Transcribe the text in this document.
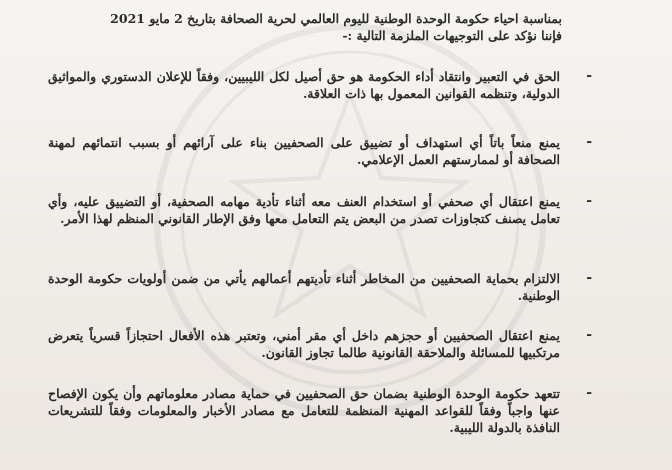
بمناسبة احياء حكومة الوحدة الوطنية لليوم العالمي لحرية الصحافة بتاريخ 2 مايو 2021

فإننا نؤكد على التوجيهات الملزمة التالية :-

-

الحق في التعبير وانتقاد أداء الحكومة هو حق أصيل لكل الليبيين، وفقاً للإعلان الدستوري والمواثيق الدولية، وتنظمه القوانين المعمول بها ذات العلاقة.

-

يمنع منعاً باتاً أي استهداف أو تضييق على الصحفيين بناء على آرائهم أو بسبب انتمائهم لمهنة الصحافة أو لممارستهم العمل الإعلامي.

-

يمنع اعتقال أي صحفي أو استخدام العنف معه أثناء تأدية مهامه الصحفية، أو التضييق عليه، وأي تعامل يصنف كتجاوزات تصدر من البعض يتم التعامل معها وفق الإطار القانوني المنظم لهذا الأمر.

-

الالتزام بحماية الصحفيين من المخاطر أثناء تأديتهم أعمالهم يأتي من ضمن أولويات حكومة الوحدة الوطنية.

-

يمنع اعتقال الصحفيين أو حجزهم داخل أي مقر أمني، وتعتبر هذه الأفعال احتجازاً قسرياً يتعرض مرتكبيها للمسائلة والملاحقة القانونية طالما تجاوز القانون.

-

تتعهد حكومة الوحدة الوطنية بضمان حق الصحفيين في حماية مصادر معلوماتهم وأن يكون الإفصاح عنها واجباً وفقاً للقواعد المهنية المنظمة للتعامل مع مصادر الأخبار والمعلومات وفقاً للتشريعات النافذة بالدولة الليبية.
